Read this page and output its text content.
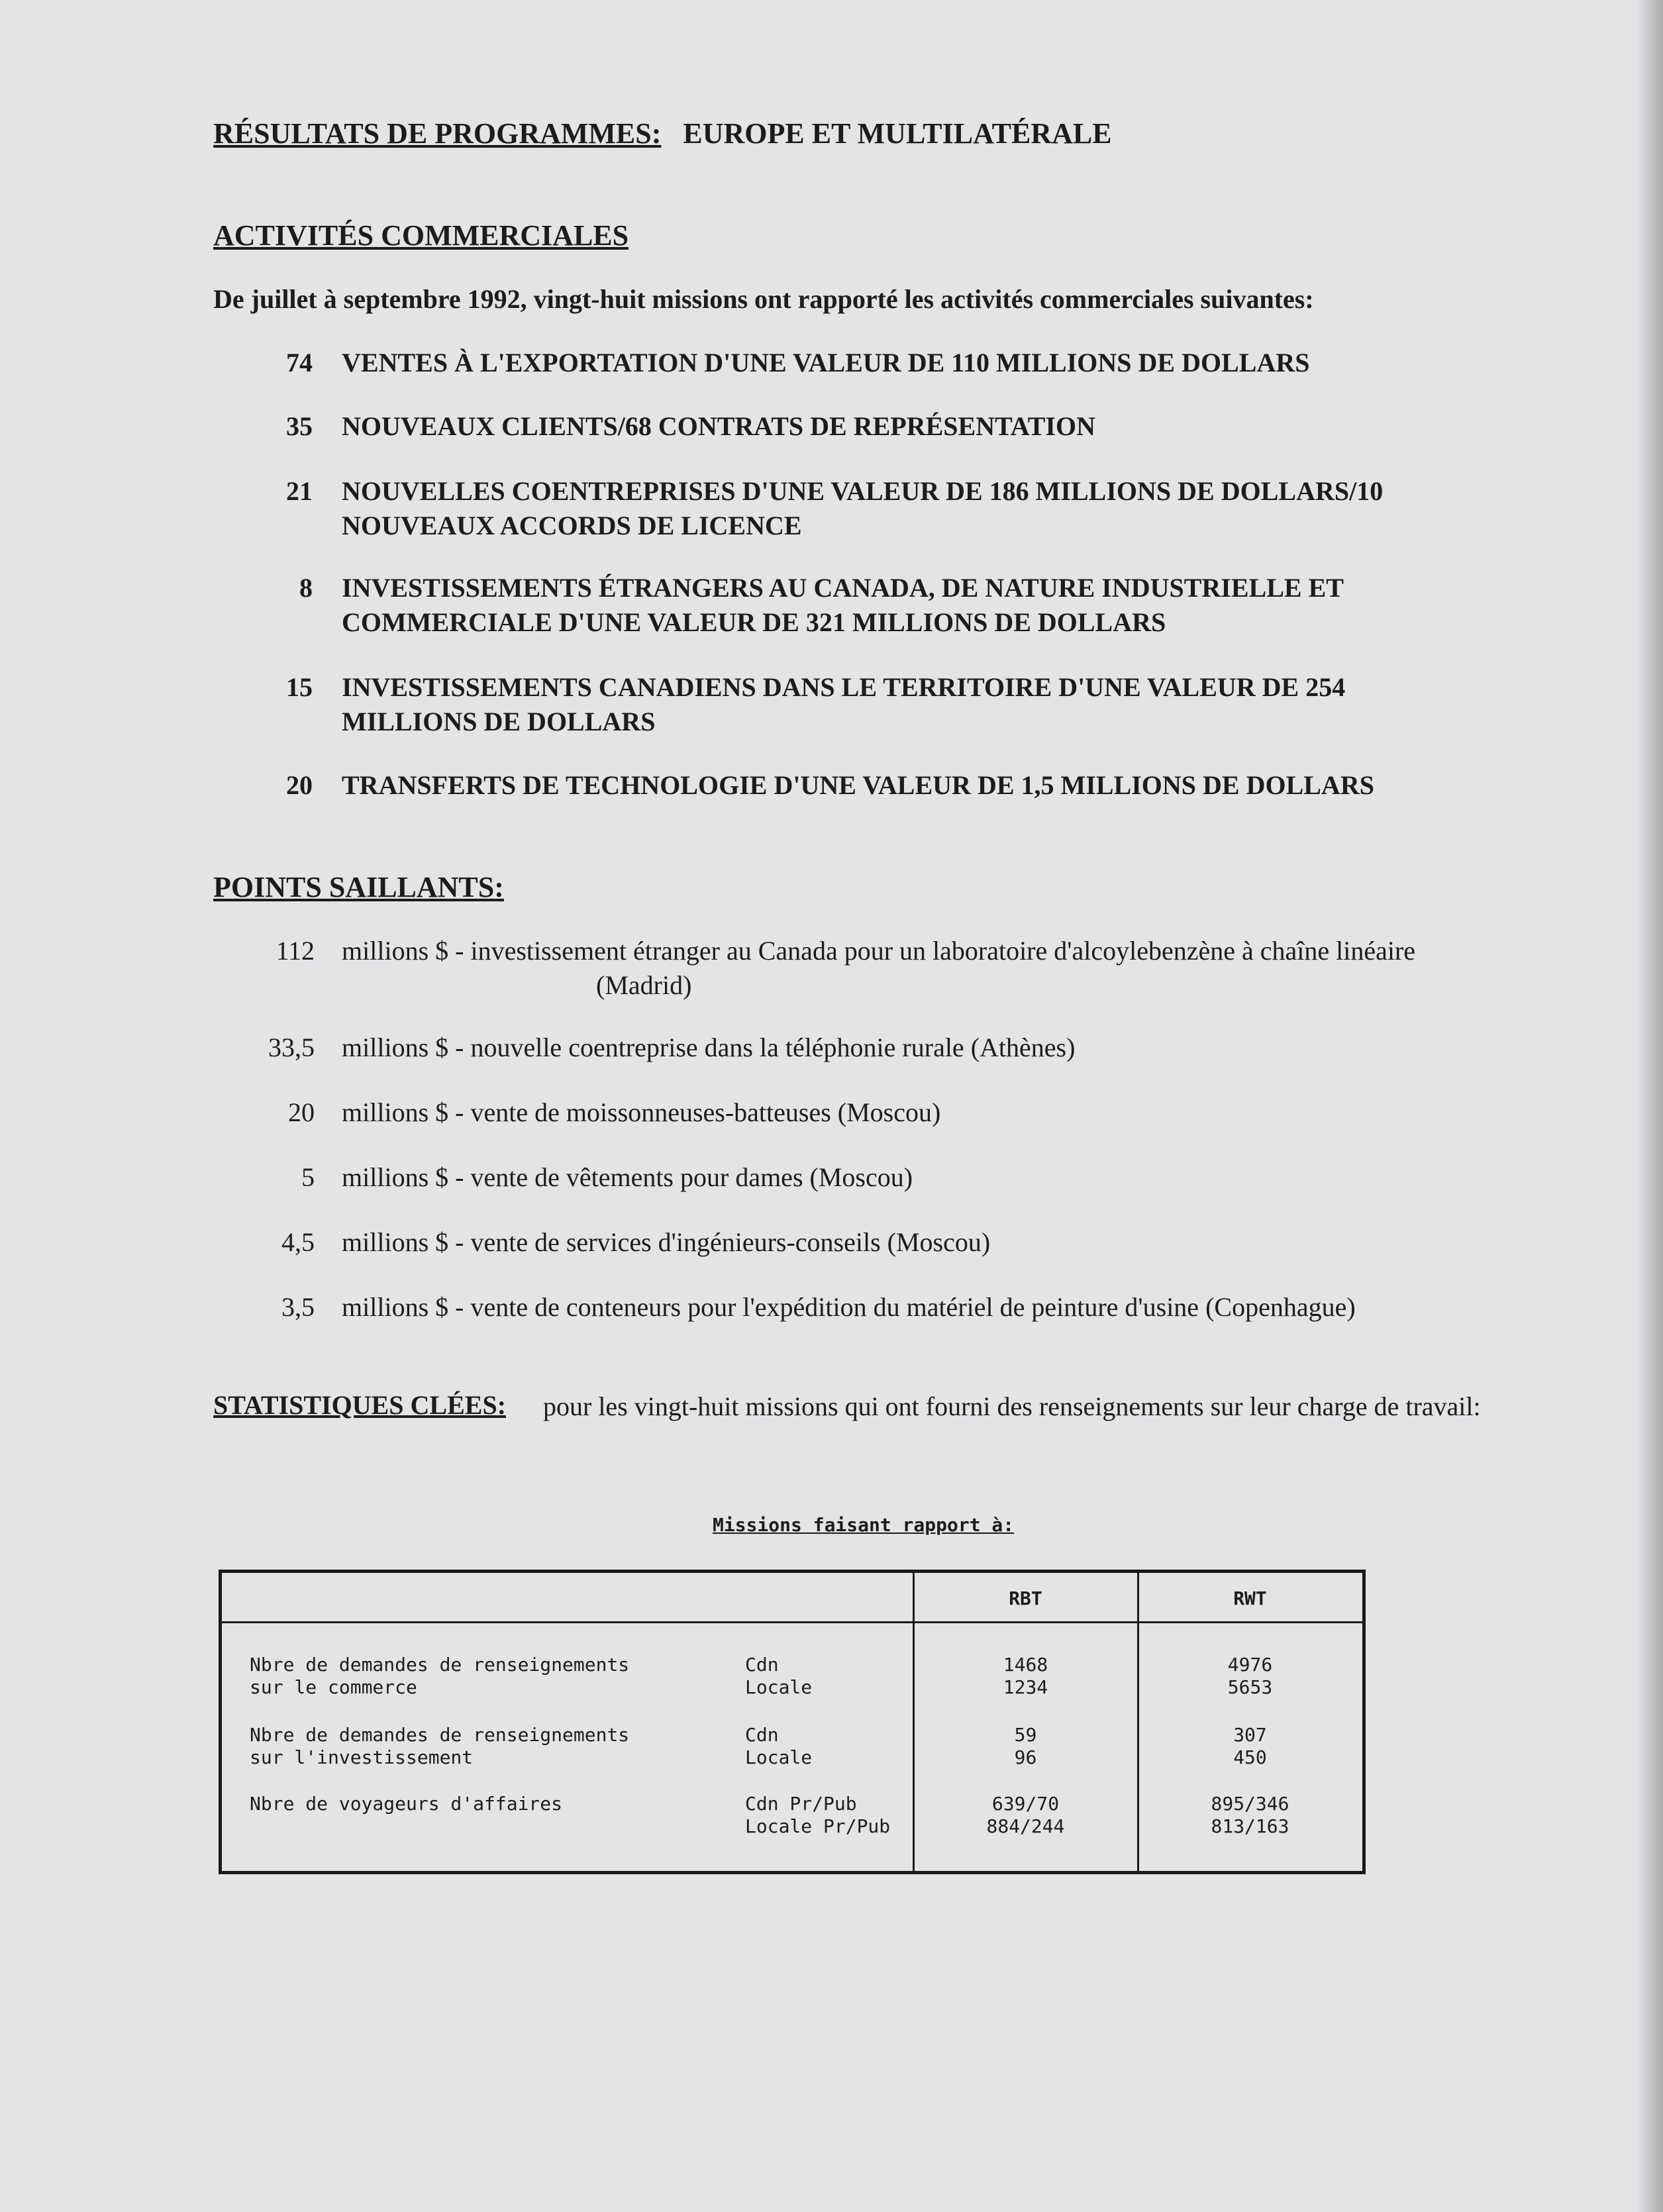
RÉSULTATS DE PROGRAMMES: EUROPE ET MULTILATÉRALE
ACTIVITÉS COMMERCIALES
De juillet à septembre 1992, vingt-huit missions ont rapporté les activités commerciales suivantes:
74 VENTES À L'EXPORTATION D'UNE VALEUR DE 110 MILLIONS DE DOLLARS
35 NOUVEAUX CLIENTS/68 CONTRATS DE REPRÉSENTATION
21 NOUVELLES COENTREPRISES D'UNE VALEUR DE 186 MILLIONS DE DOLLARS/10 NOUVEAUX ACCORDS DE LICENCE
8 INVESTISSEMENTS ÉTRANGERS AU CANADA, DE NATURE INDUSTRIELLE ET COMMERCIALE D'UNE VALEUR DE 321 MILLIONS DE DOLLARS
15 INVESTISSEMENTS CANADIENS DANS LE TERRITOIRE D'UNE VALEUR DE 254 MILLIONS DE DOLLARS
20 TRANSFERTS DE TECHNOLOGIE D'UNE VALEUR DE 1,5 MILLIONS DE DOLLARS
POINTS SAILLANTS:
112 millions $ - investissement étranger au Canada pour un laboratoire d'alcoylebenzène à chaîne linéaire
(Madrid)
33,5 millions $ - nouvelle coentreprise dans la téléphonie rurale (Athènes)
20 millions $ - vente de moissonneuses-batteuses (Moscou)
5 millions $ - vente de vêtements pour dames (Moscou)
4,5 millions $ - vente de services d'ingénieurs-conseils (Moscou)
3,5 millions $ - vente de conteneurs pour l'expédition du matériel de peinture d'usine (Copenhague)
STATISTIQUES CLÉES: pour les vingt-huit missions qui ont fourni des renseignements sur leur charge de travail:
Missions faisant rapport à:
RBT	RWT
Nbre de demandes de renseignements
sur le commerce
Cdn
Locale
1468
1234
4976
5653
Nbre de demandes de renseignements
sur l'investissement
Cdn
Locale
59
96
307
450
Nbre de voyageurs d'affaires	Cdn Pr/Pub
Locale Pr/Pub
639/70
884/244
895/346
813/163
